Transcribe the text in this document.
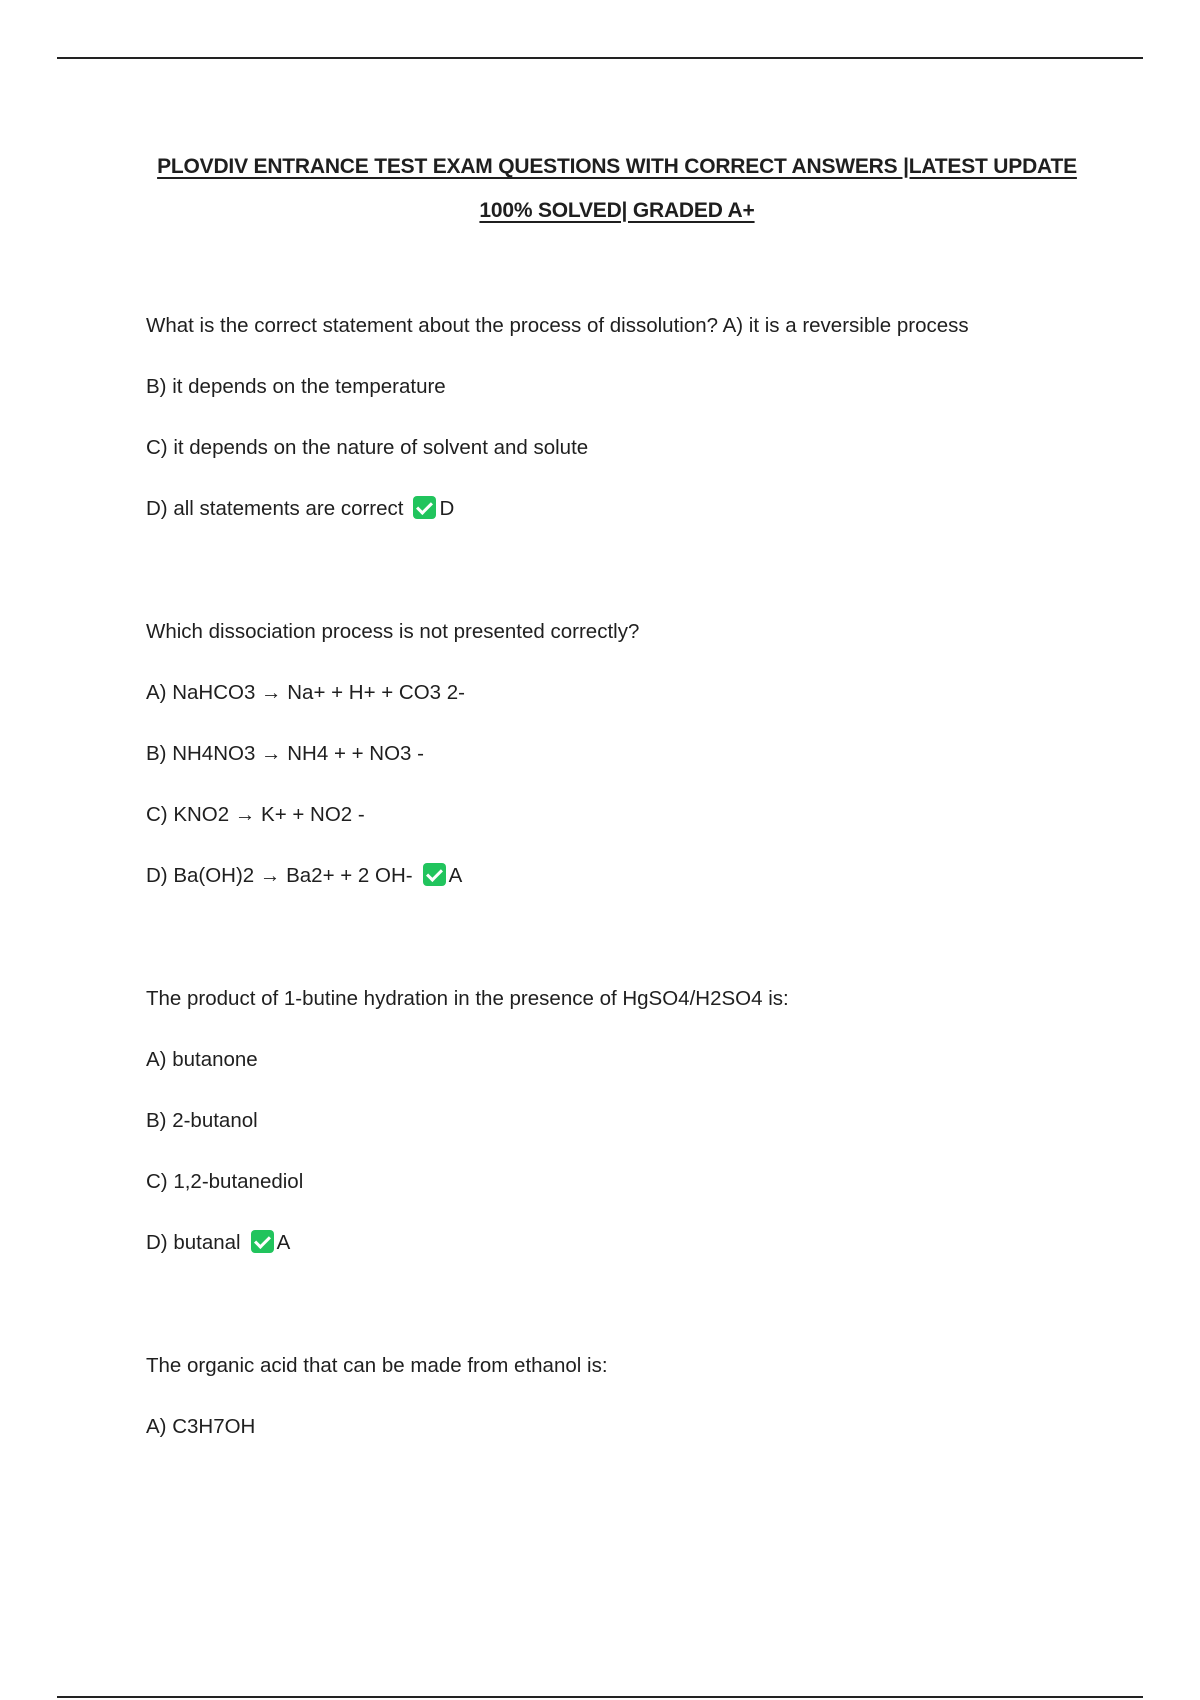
PLOVDIV ENTRANCE TEST EXAM QUESTIONS WITH CORRECT ANSWERS |LATEST UPDATE
100% SOLVED| GRADED A+
What is the correct statement about the process of dissolution? A) it is a reversible process
B) it depends on the temperature
C) it depends on the nature of solvent and solute
D) all statements are correct D
Which dissociation process is not presented correctly?
A) NaHCO3 → Na+ + H+ + CO3 2-
B) NH4NO3 → NH4 + + NO3 -
C) KNO2 → K+ + NO2 -
D) Ba(OH)2 → Ba2+ + 2 OH- A
The product of 1-butine hydration in the presence of HgSO4/H2SO4 is:
A) butanone
B) 2-butanol
C) 1,2-butanediol
D) butanal A
The organic acid that can be made from ethanol is:
A) C3H7OH
